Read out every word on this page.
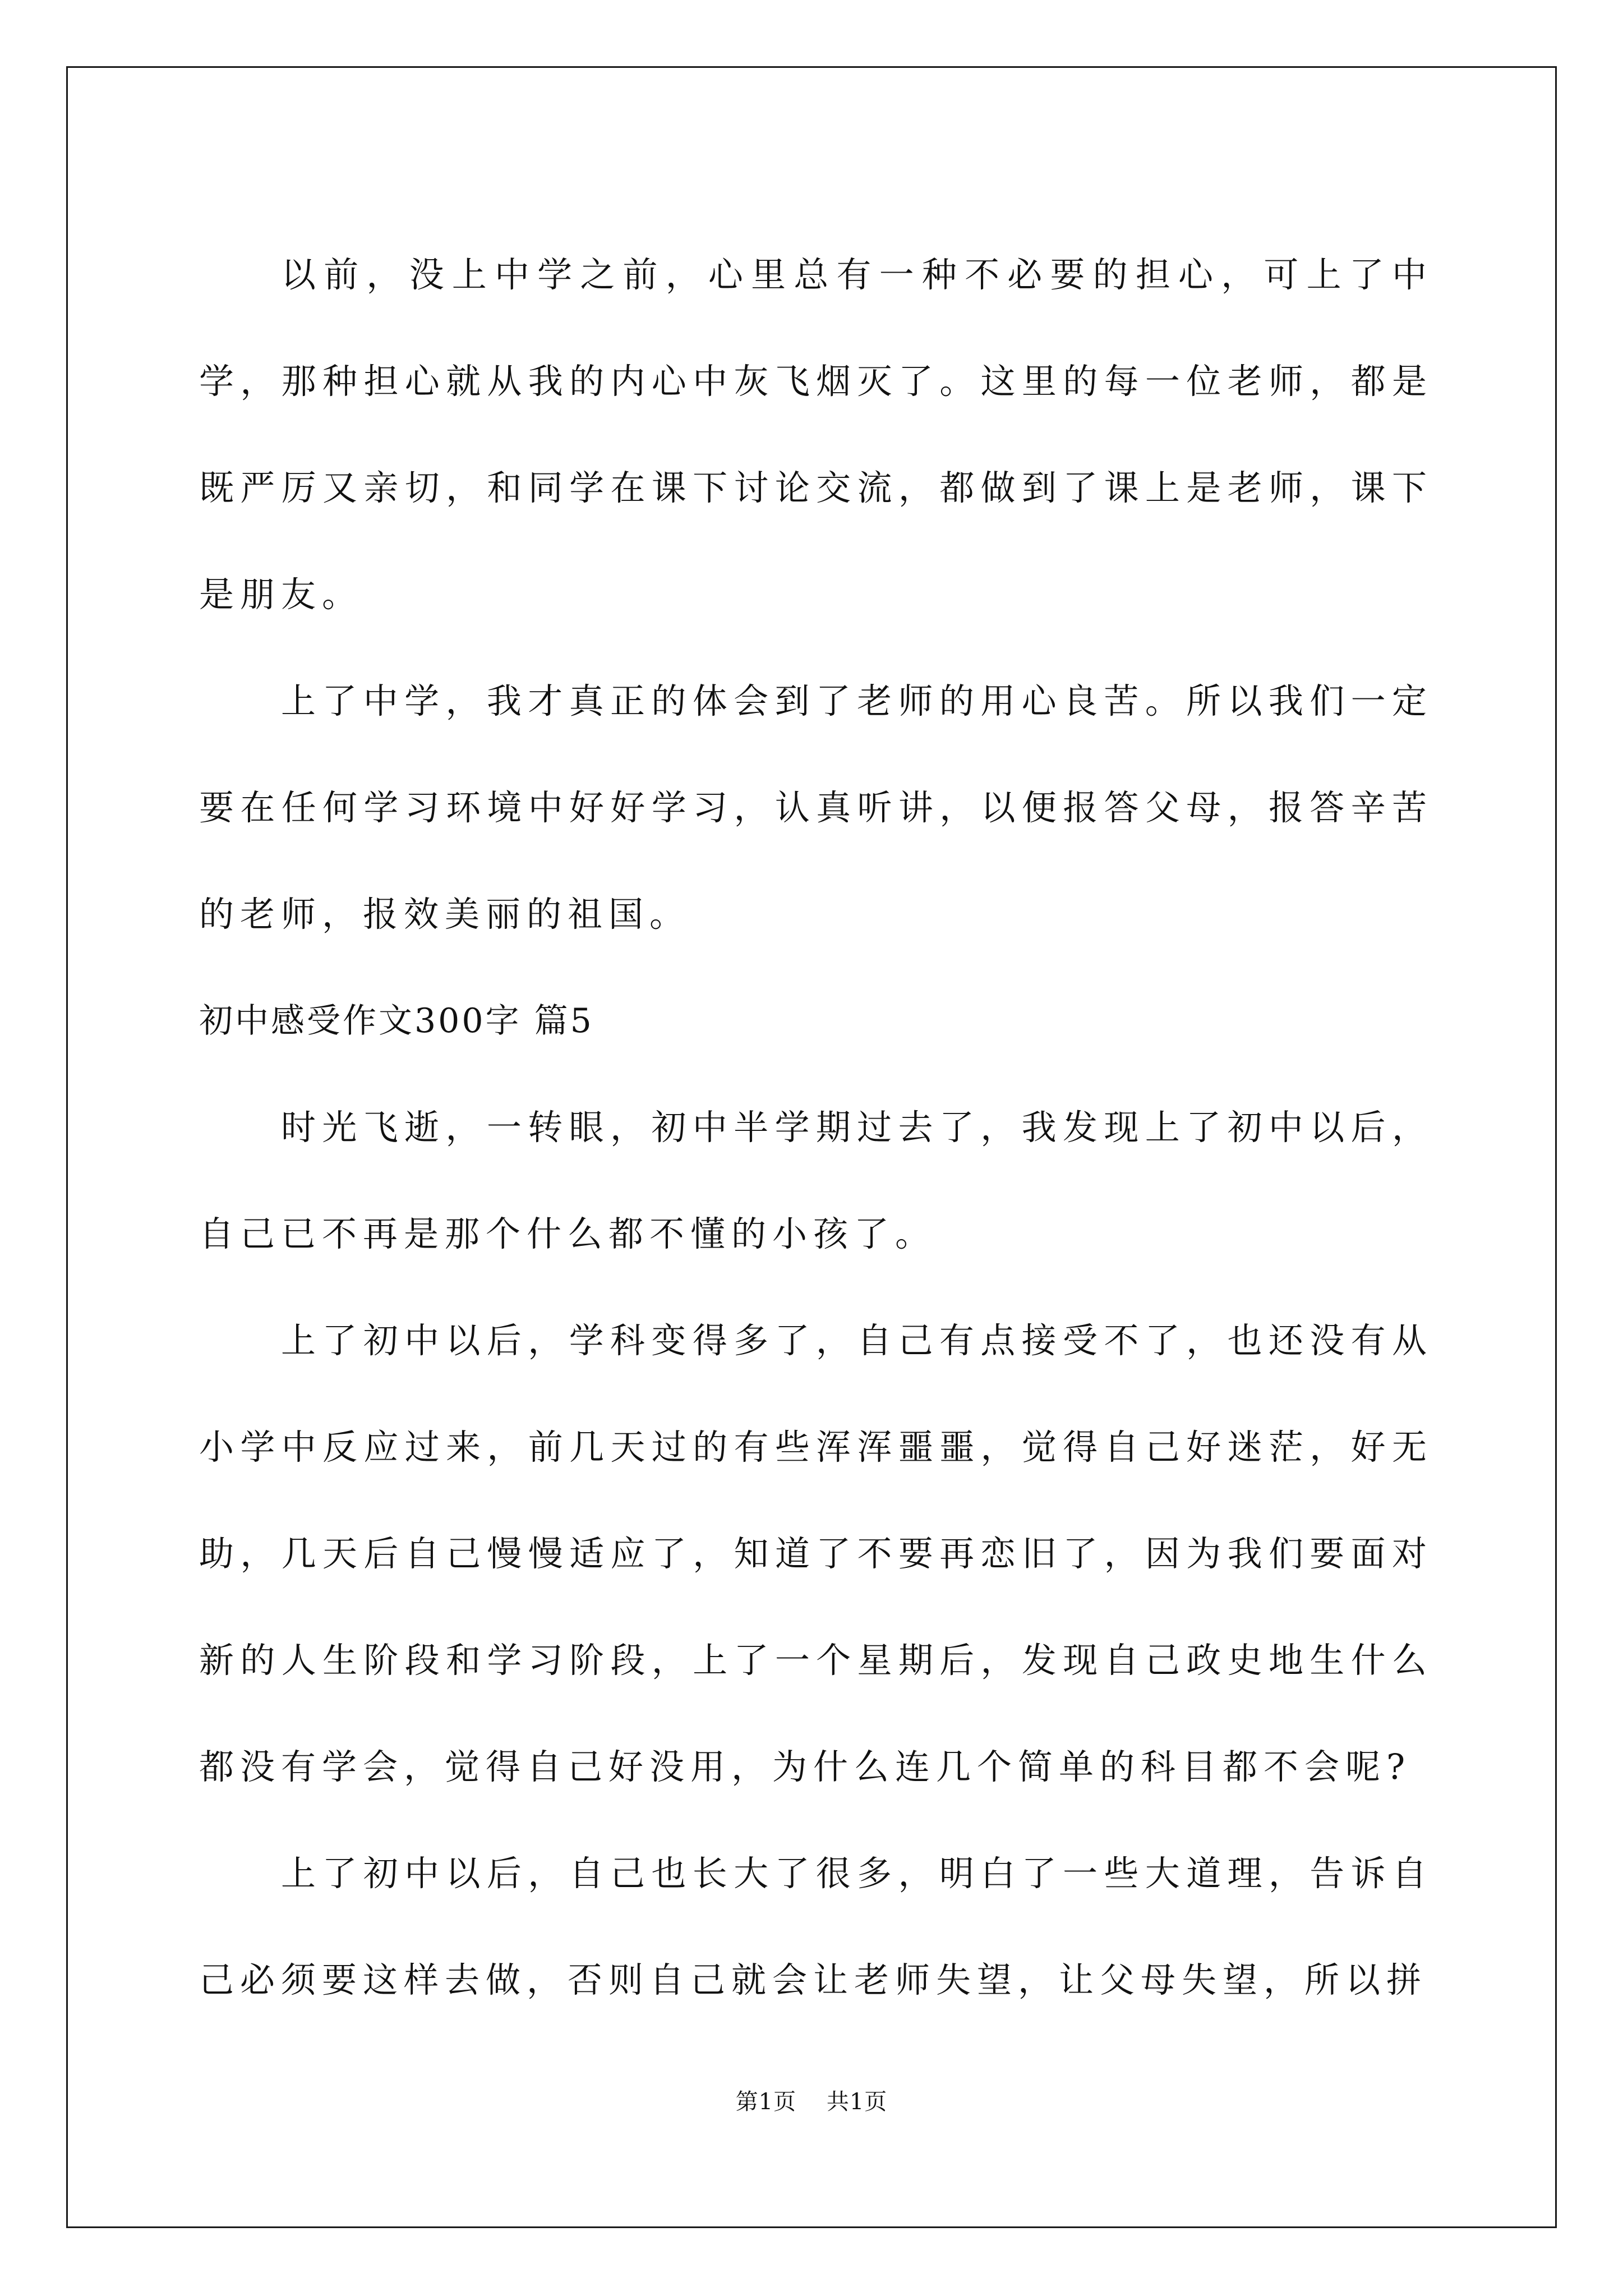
以前，没上中学之前，心里总有一种不必要的担心，可上了中学，那种担心就从我的内心中灰飞烟灭了。这里的每一位老师，都是既严厉又亲切，和同学在课下讨论交流，都做到了课上是老师，课下是朋友。

上了中学，我才真正的体会到了老师的用心良苦。所以我们一定要在任何学习环境中好好学习，认真听讲，以便报答父母，报答辛苦的老师，报效美丽的祖国。

初中感受作文300字 篇5

时光飞逝，一转眼，初中半学期过去了，我发现上了初中以后，自己已不再是那个什么都不懂的小孩了。

上了初中以后，学科变得多了，自己有点接受不了，也还没有从小学中反应过来，前几天过的有些浑浑噩噩，觉得自己好迷茫，好无助，几天后自己慢慢适应了，知道了不要再恋旧了，因为我们要面对新的人生阶段和学习阶段，上了一个星期后，发现自己政史地生什么都没有学会，觉得自己好没用，为什么连几个简单的科目都不会呢?

上了初中以后，自己也长大了很多，明白了一些大道理，告诉自己必须要这样去做，否则自己就会让老师失望，让父母失望，所以拼

第1页 共1页
